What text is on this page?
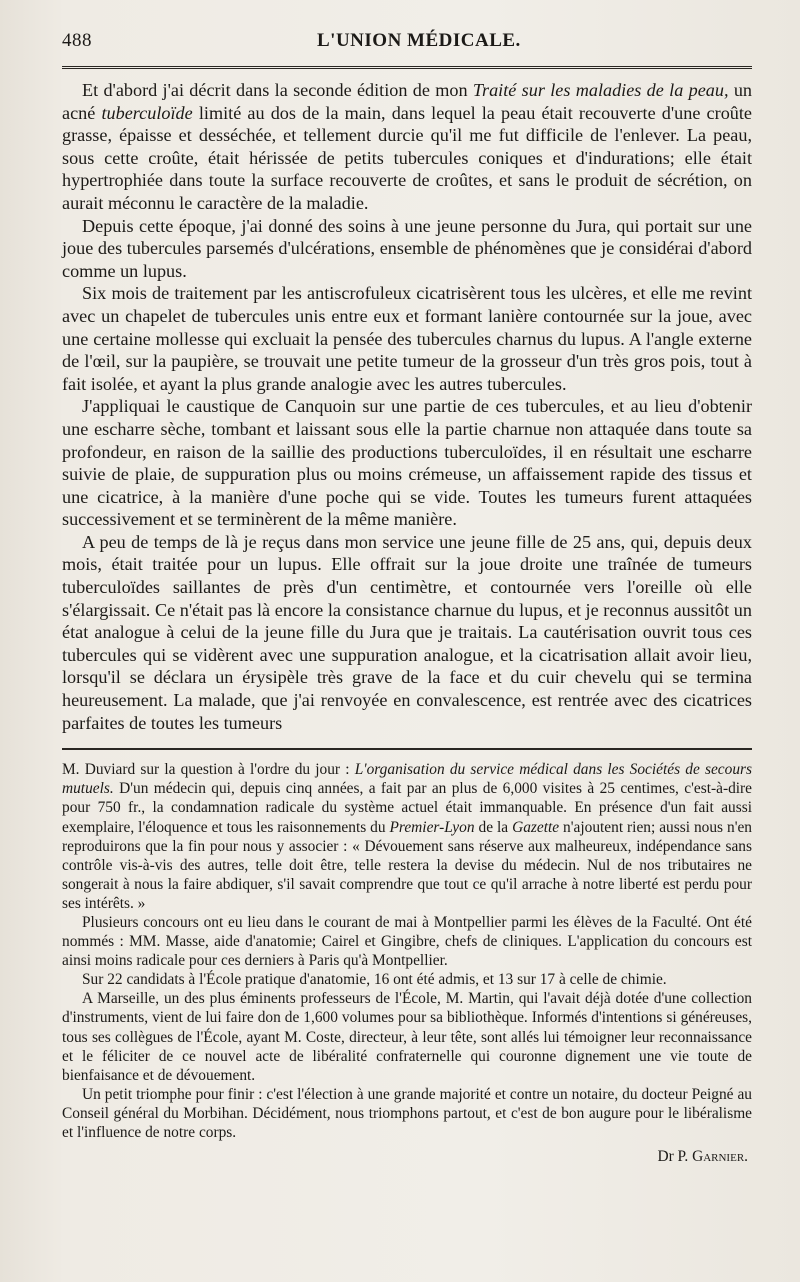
488	L'UNION MÉDICALE.

Et d'abord j'ai décrit dans la seconde édition de mon Traité sur les maladies de la peau, un acné tuberculoïde limité au dos de la main, dans lequel la peau était recouverte d'une croûte grasse, épaisse et desséchée, et tellement durcie qu'il me fut difficile de l'enlever. La peau, sous cette croûte, était hérissée de petits tubercules coniques et d'indurations; elle était hypertrophiée dans toute la surface recouverte de croûtes, et sans le produit de sécrétion, on aurait méconnu le caractère de la maladie.

Depuis cette époque, j'ai donné des soins à une jeune personne du Jura, qui portait sur une joue des tubercules parsemés d'ulcérations, ensemble de phénomènes que je considérai d'abord comme un lupus.

Six mois de traitement par les antiscrofuleux cicatrisèrent tous les ulcères, et elle me revint avec un chapelet de tubercules unis entre eux et formant lanière contournée sur la joue, avec une certaine mollesse qui excluait la pensée des tubercules charnus du lupus. A l'angle externe de l'œil, sur la paupière, se trouvait une petite tumeur de la grosseur d'un très gros pois, tout à fait isolée, et ayant la plus grande analogie avec les autres tubercules.

J'appliquai le caustique de Canquoin sur une partie de ces tubercules, et au lieu d'obtenir une escharre sèche, tombant et laissant sous elle la partie charnue non attaquée dans toute sa profondeur, en raison de la saillie des productions tuberculoïdes, il en résultait une escharre suivie de plaie, de suppuration plus ou moins crémeuse, un affaissement rapide des tissus et une cicatrice, à la manière d'une poche qui se vide. Toutes les tumeurs furent attaquées successivement et se terminèrent de la même manière.

A peu de temps de là je reçus dans mon service une jeune fille de 25 ans, qui, depuis deux mois, était traitée pour un lupus. Elle offrait sur la joue droite une traînée de tumeurs tuberculoïdes saillantes de près d'un centimètre, et contournée vers l'oreille où elle s'élargissait. Ce n'était pas là encore la consistance charnue du lupus, et je reconnus aussitôt un état analogue à celui de la jeune fille du Jura que je traitais. La cautérisation ouvrit tous ces tubercules qui se vidèrent avec une suppuration analogue, et la cicatrisation allait avoir lieu, lorsqu'il se déclara un érysipèle très grave de la face et du cuir chevelu qui se termina heureusement. La malade, que j'ai renvoyée en convalescence, est rentrée avec des cicatrices parfaites de toutes les tumeurs

M. Duviard sur la question à l'ordre du jour : L'organisation du service médical dans les Sociétés de secours mutuels. D'un médecin qui, depuis cinq années, a fait par an plus de 6,000 visites à 25 centimes, c'est-à-dire pour 750 fr., la condamnation radicale du système actuel était immanquable. En présence d'un fait aussi exemplaire, l'éloquence et tous les raisonnements du Premier-Lyon de la Gazette n'ajoutent rien; aussi nous n'en reproduirons que la fin pour nous y associer : « Dévouement sans réserve aux malheureux, indépendance sans contrôle vis-à-vis des autres, telle doit être, telle restera la devise du médecin. Nul de nos tributaires ne songerait à nous la faire abdiquer, s'il savait comprendre que tout ce qu'il arrache à notre liberté est perdu pour ses intérêts. »

Plusieurs concours ont eu lieu dans le courant de mai à Montpellier parmi les élèves de la Faculté. Ont été nommés : MM. Masse, aide d'anatomie; Cairel et Gingibre, chefs de cliniques. L'application du concours est ainsi moins radicale pour ces derniers à Paris qu'à Montpellier.

Sur 22 candidats à l'École pratique d'anatomie, 16 ont été admis, et 13 sur 17 à celle de chimie.

A Marseille, un des plus éminents professeurs de l'École, M. Martin, qui l'avait déjà dotée d'une collection d'instruments, vient de lui faire don de 1,600 volumes pour sa bibliothèque. Informés d'intentions si généreuses, tous ses collègues de l'École, ayant M. Coste, directeur, à leur tête, sont allés lui témoigner leur reconnaissance et le féliciter de ce nouvel acte de libéralité confraternelle qui couronne dignement une vie toute de bienfaisance et de dévouement.

Un petit triomphe pour finir : c'est l'élection à une grande majorité et contre un notaire, du docteur Peigné au Conseil général du Morbihan. Décidément, nous triomphons partout, et c'est de bon augure pour le libéralisme et l'influence de notre corps.

Dr P. Garnier.
